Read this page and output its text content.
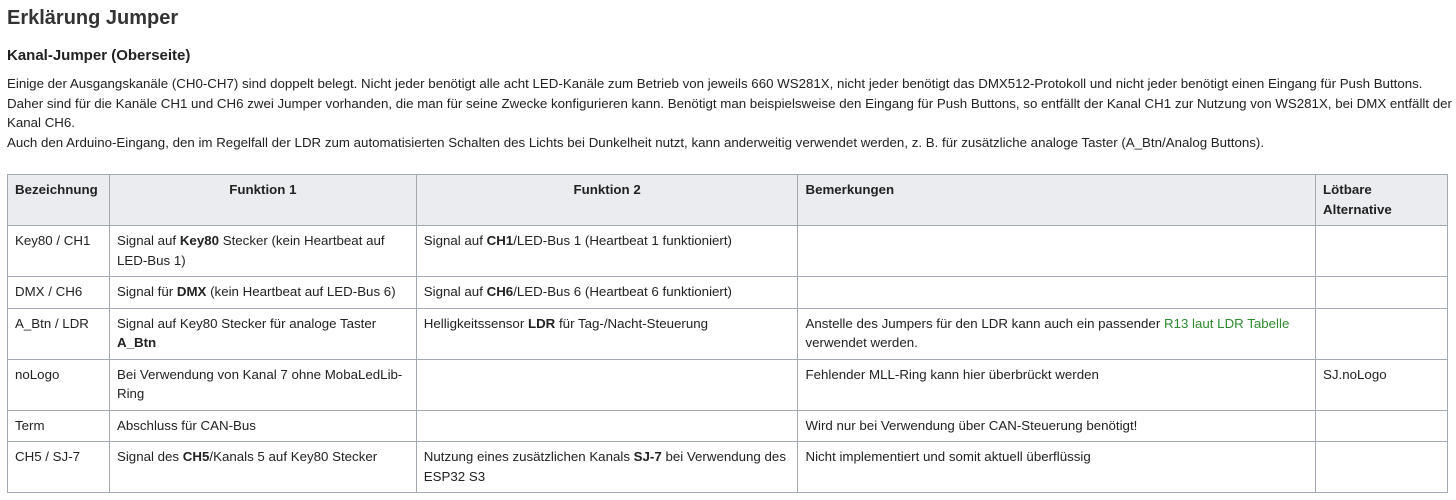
Erklärung Jumper
Kanal-Jumper (Oberseite)

Einige der Ausgangskanäle (CH0-CH7) sind doppelt belegt. Nicht jeder benötigt alle acht LED-Kanäle zum Betrieb von jeweils 660 WS281X, nicht jeder benötigt das DMX512-Protokoll und nicht jeder benötigt einen Eingang für Push Buttons. Daher sind für die Kanäle CH1 und CH6 zwei Jumper vorhanden, die man für seine Zwecke konfigurieren kann. Benötigt man beispielsweise den Eingang für Push Buttons, so entfällt der Kanal CH1 zur Nutzung von WS281X, bei DMX entfällt der Kanal CH6.

Auch den Arduino-Eingang, den im Regelfall der LDR zum automatisierten Schalten des Lichts bei Dunkelheit nutzt, kann anderweitig verwendet werden, z. B. für zusätzliche analoge Taster (A_Btn/Analog Buttons).

Bezeichnung	Funktion 1	Funktion 2	Bemerkungen	Lötbare Alternative
Key80 / CH1	Signal auf Key80 Stecker (kein Heartbeat auf LED-Bus 1)	Signal auf CH1/LED-Bus 1 (Heartbeat 1 funktioniert)		
DMX / CH6	Signal für DMX (kein Heartbeat auf LED-Bus 6)	Signal auf CH6/LED-Bus 6 (Heartbeat 6 funktioniert)		
A_Btn / LDR	Signal auf Key80 Stecker für analoge Taster A_Btn	Helligkeitssensor LDR für Tag-/Nacht-Steuerung	Anstelle des Jumpers für den LDR kann auch ein passender R13 laut LDR Tabelle verwendet werden.	
noLogo	Bei Verwendung von Kanal 7 ohne MobaLedLib-Ring		Fehlender MLL-Ring kann hier überbrückt werden	SJ.noLogo
Term	Abschluss für CAN-Bus		Wird nur bei Verwendung über CAN-Steuerung benötigt!	
CH5 / SJ-7	Signal des CH5/Kanals 5 auf Key80 Stecker	Nutzung eines zusätzlichen Kanals SJ-7 bei Verwendung des ESP32 S3	Nicht implementiert und somit aktuell überflüssig	
